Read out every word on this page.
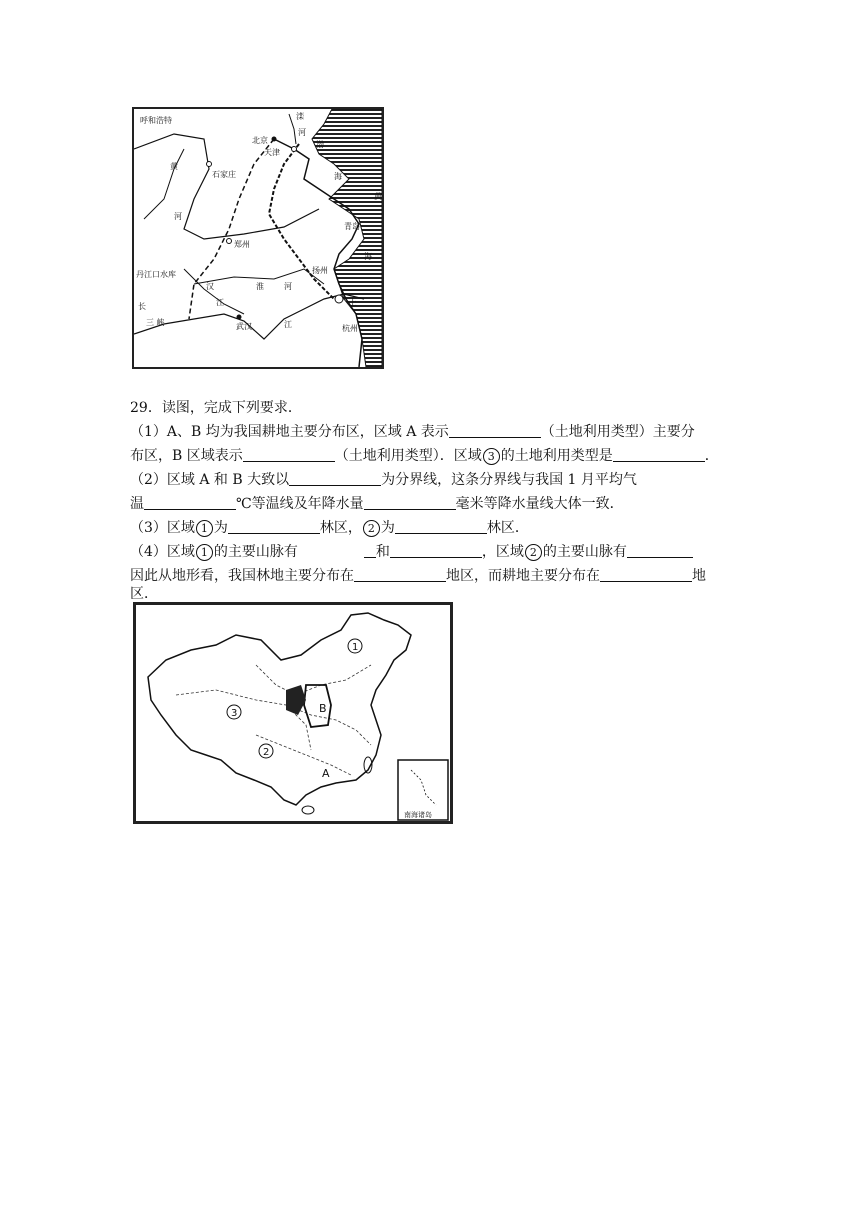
呼和浩特	滦
河
北京
天津
渤
海
石家庄
黄
黄
河
青岛
郑州
海
丹江口水库
汉	淮	河
扬州
上
长	江
三 峡	武汉	江	杭州
29．读图，完成下列要求．
（1）A、B 均为我国耕地主要分布区，区域 A 表示	（土地利用类型）主要分
布区，B 区域表示	（土地利用类型）．区域 3 的土地利用类型是	．
（2）区域 A 和 B 大致以	为分界线，这条分界线与我国 1 月平均气
温	℃等温线及年降水量	毫米等降水量线大体一致．
（3）区域 1 为	林区， 2 为	林区．
（4）区域 1 的主要山脉有	和	，区域 2 的主要山脉有
因此从地形看，我国林地主要分布在	地区，而耕地主要分布在	地
区．
南海诸岛
1
2
3	B
A
